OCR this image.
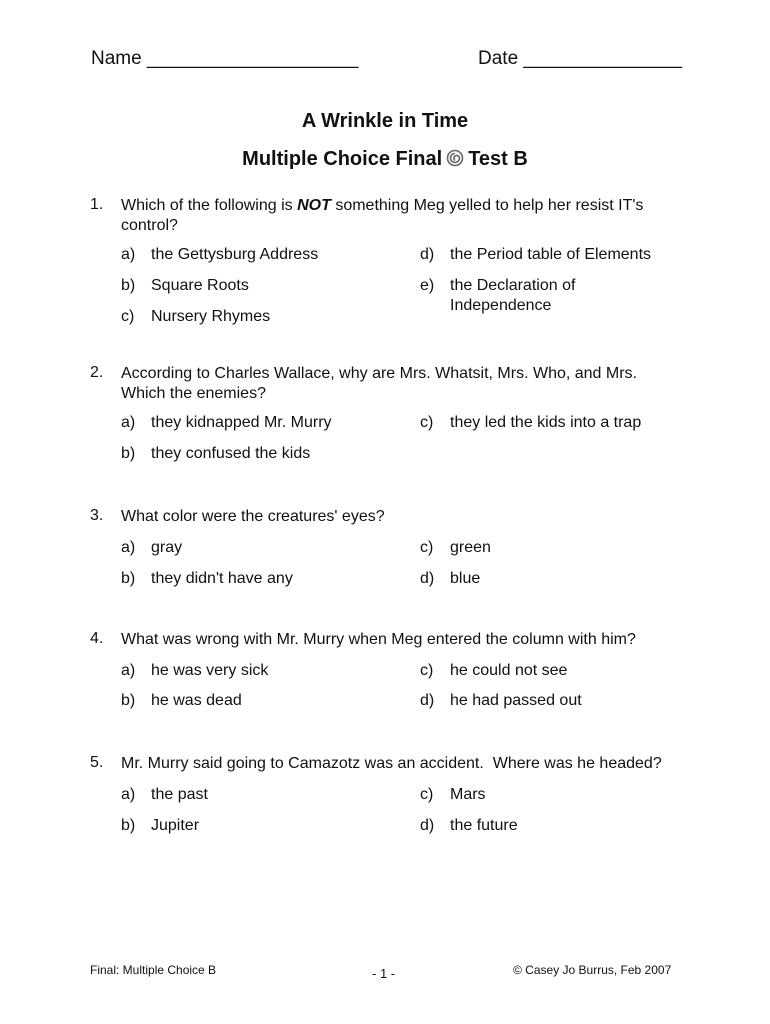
Name ____________________	Date _______________
A Wrinkle in Time
Multiple Choice Final Test B
1. Which of the following is NOT something Meg yelled to help her resist IT's control?
a) the Gettysburg Address
b) Square Roots
c) Nursery Rhymes
d) the Period table of Elements
e) the Declaration of Independence
2. According to Charles Wallace, why are Mrs. Whatsit, Mrs. Who, and Mrs. Which the enemies?
a) they kidnapped Mr. Murry
b) they confused the kids
c) they led the kids into a trap
3. What color were the creatures' eyes?
a) gray
b) they didn't have any
c) green
d) blue
4. What was wrong with Mr. Murry when Meg entered the column with him?
a) he was very sick
b) he was dead
c) he could not see
d) he had passed out
5. Mr. Murry said going to Camazotz was an accident.  Where was he headed?
a) the past
b) Jupiter
c) Mars
d) the future
Final: Multiple Choice B	- 1 -	© Casey Jo Burrus, Feb 2007
